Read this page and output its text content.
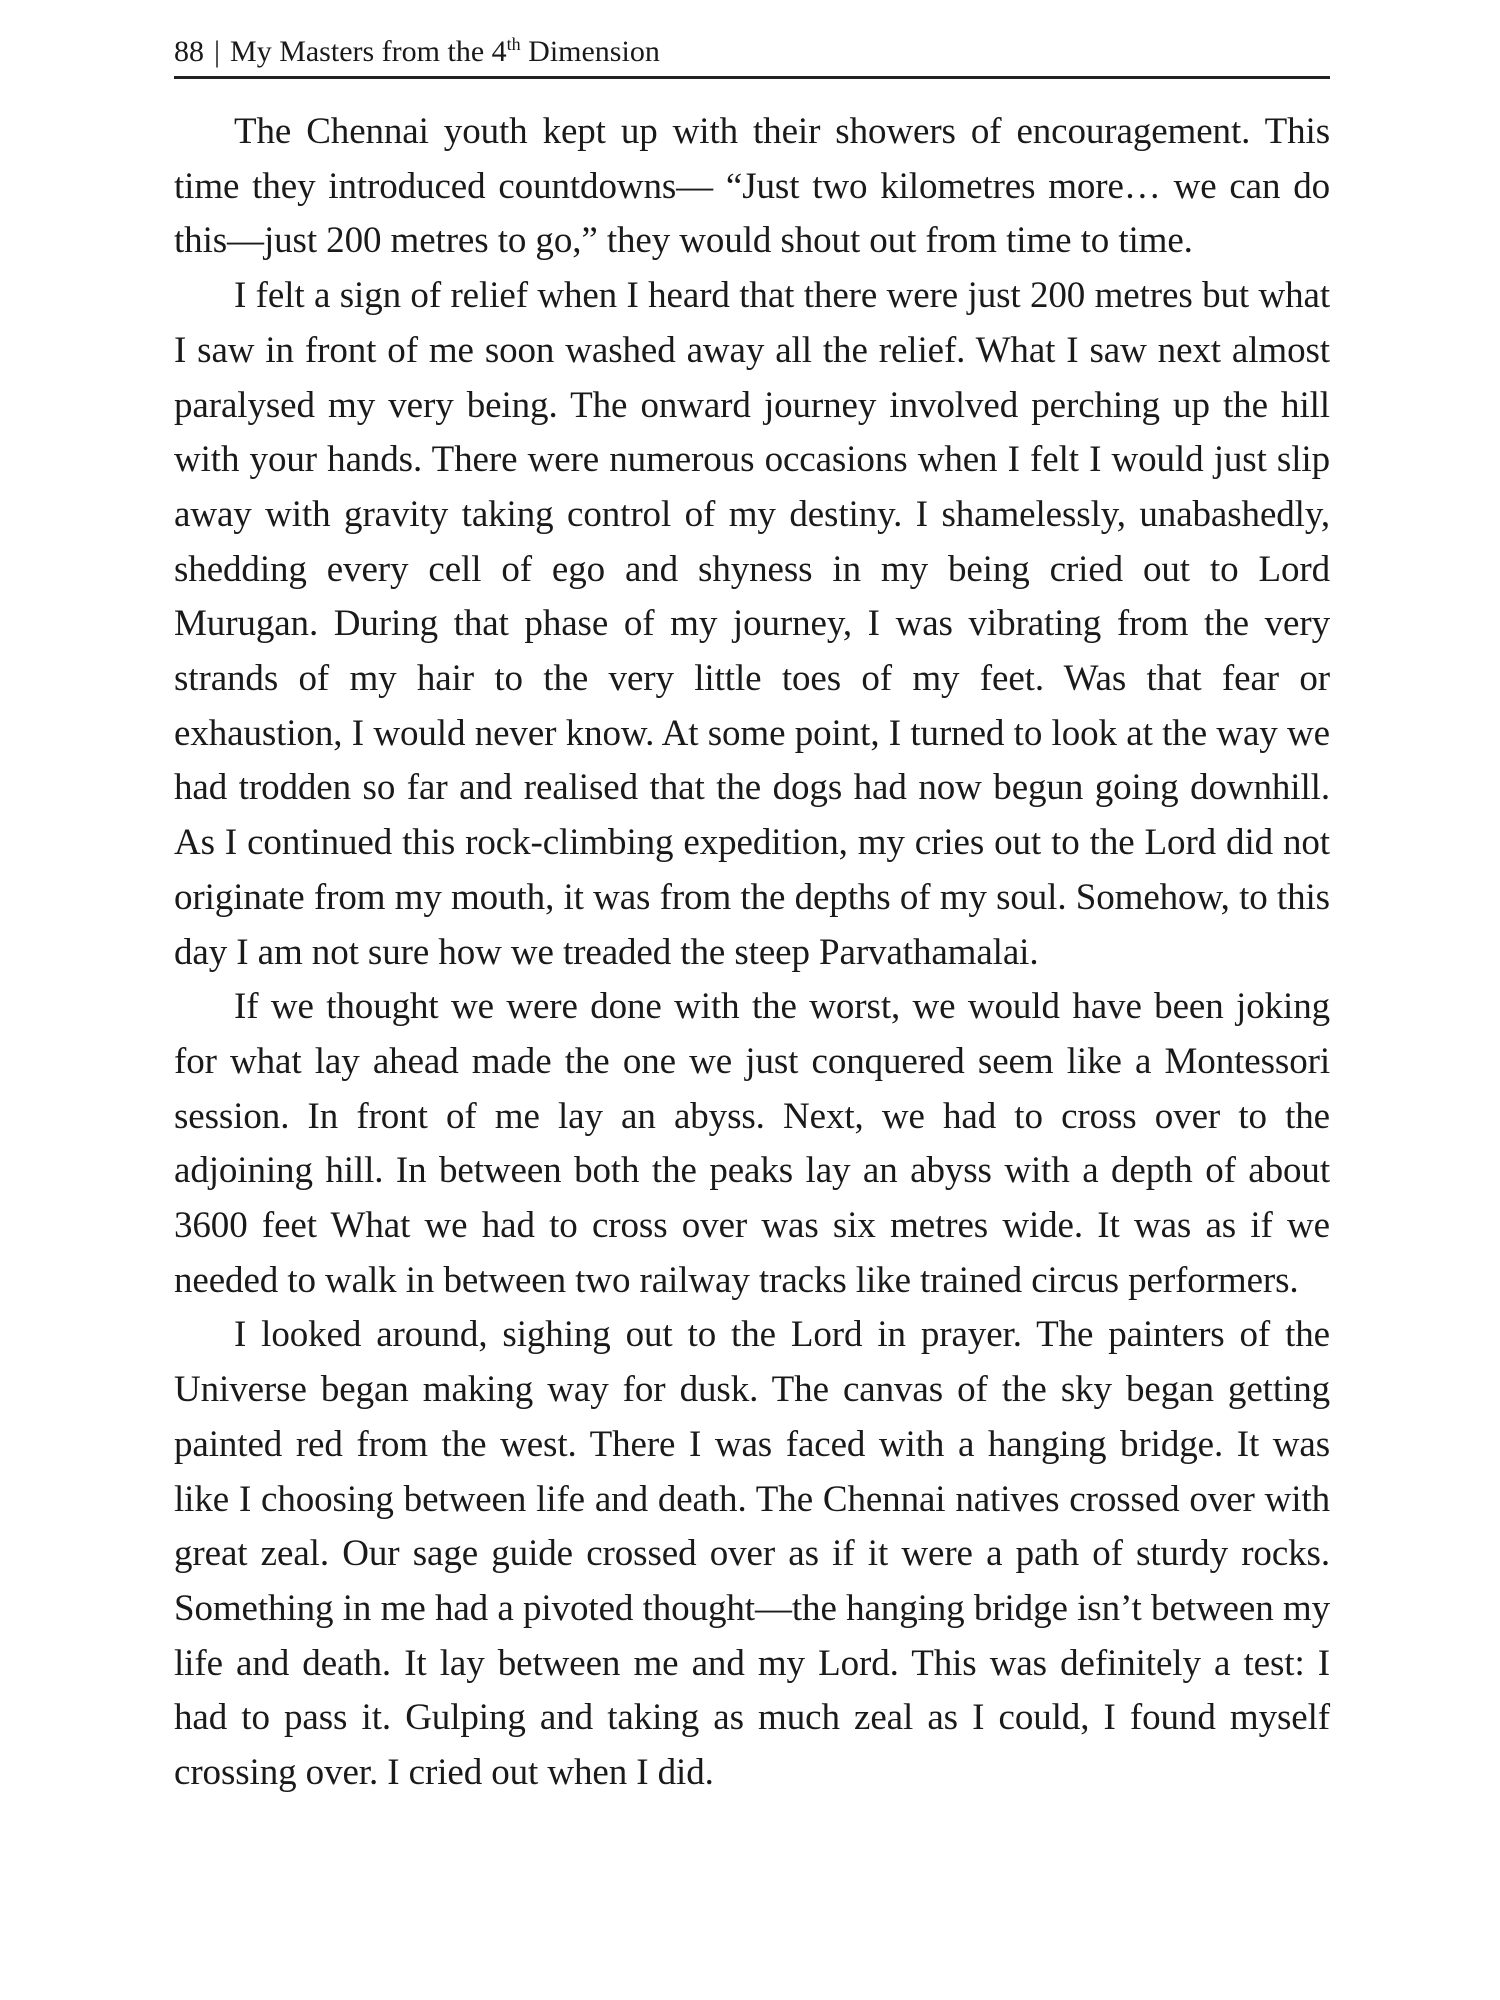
88 | My Masters from the 4th Dimension

The Chennai youth kept up with their showers of encouragement. This time they introduced countdowns— “Just two kilometres more… we can do this—just 200 metres to go,” they would shout out from time to time.

I felt a sign of relief when I heard that there were just 200 metres but what I saw in front of me soon washed away all the relief. What I saw next almost paralysed my very being. The onward journey involved perching up the hill with your hands. There were numerous occasions when I felt I would just slip away with gravity taking control of my destiny. I shamelessly, unabashedly, shedding every cell of ego and shyness in my being cried out to Lord Murugan. During that phase of my journey, I was vibrating from the very strands of my hair to the very little toes of my feet. Was that fear or exhaustion, I would never know. At some point, I turned to look at the way we had trodden so far and realised that the dogs had now begun going downhill. As I continued this rock-climbing expedition, my cries out to the Lord did not originate from my mouth, it was from the depths of my soul. Somehow, to this day I am not sure how we treaded the steep Parvathamalai.

If we thought we were done with the worst, we would have been joking for what lay ahead made the one we just conquered seem like a Montessori session. In front of me lay an abyss. Next, we had to cross over to the adjoining hill. In between both the peaks lay an abyss with a depth of about 3600 feet What we had to cross over was six metres wide. It was as if we needed to walk in between two railway tracks like trained circus performers.

I looked around, sighing out to the Lord in prayer. The painters of the Universe began making way for dusk. The canvas of the sky began getting painted red from the west. There I was faced with a hanging bridge. It was like I choosing between life and death. The Chennai natives crossed over with great zeal. Our sage guide crossed over as if it were a path of sturdy rocks. Something in me had a pivoted thought—the hanging bridge isn’t between my life and death. It lay between me and my Lord. This was definitely a test: I had to pass it. Gulping and taking as much zeal as I could, I found myself crossing over. I cried out when I did.
